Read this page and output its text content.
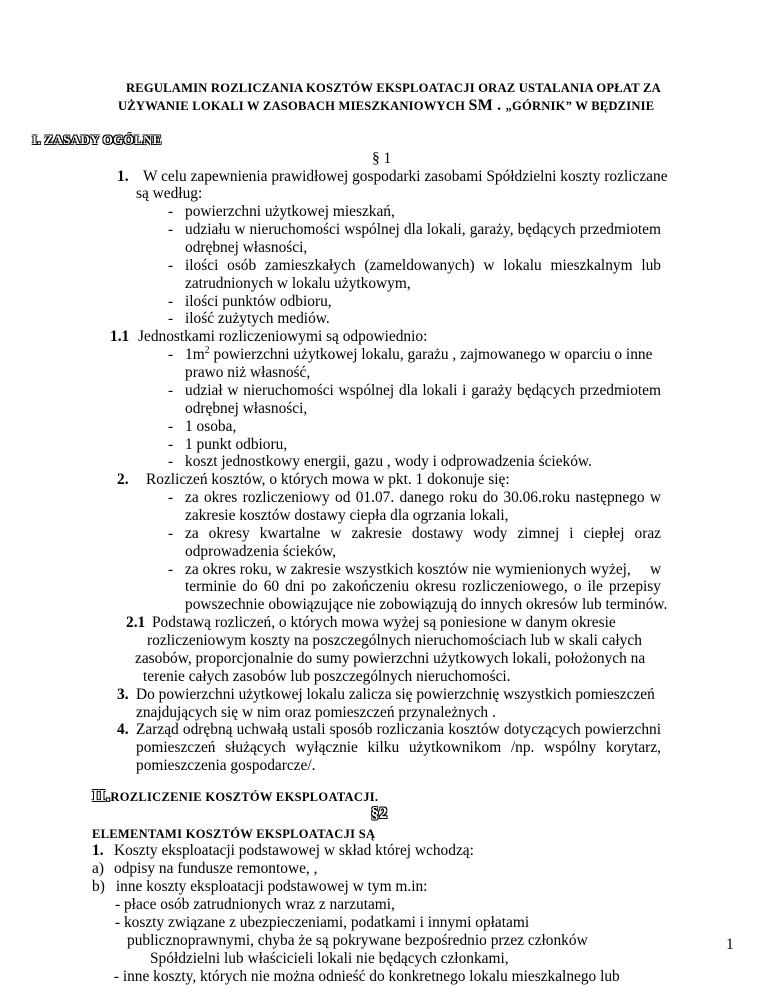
REGULAMIN ROZLICZANIA KOSZTÓW EKSPLOATACJI ORAZ USTALANIA OPŁAT ZA
UŻYWANIE LOKALI W ZASOBACH MIESZKANIOWYCH SM . „GÓRNIK” W BĘDZINIE
I. ZASADY OGÓLNE
§ 1
1. W celu zapewnienia prawidłowej gospodarki zasobami Spółdzielni koszty rozliczane
są według:
- powierzchni użytkowej mieszkań,
- udziału w nieruchomości wspólnej dla lokali, garaży, będących przedmiotem
odrębnej własności,
- ilości osób zamieszkałych (zameldowanych) w lokalu mieszkalnym lub
zatrudnionych w lokalu użytkowym,
- ilości punktów odbioru,
- ilość zużytych mediów.
1.1 Jednostkami rozliczeniowymi są odpowiednio:
- $1m^2$ powierzchni użytkowej lokalu, garażu , zajmowanego w oparciu o inne
prawo niż własność,
- udział w nieruchomości wspólnej dla lokali i garaży będących przedmiotem
odrębnej własności,
- 1 osoba,
- 1 punkt odbioru,
- koszt jednostkowy energii, gazu , wody i odprowadzenia ścieków.
2. Rozliczeń kosztów, o których mowa w pkt. 1 dokonuje się:
- za okres rozliczeniowy od 01.07. danego roku do 30.06.roku następnego w
zakresie kosztów dostawy ciepła dla ogrzania lokali,
- za okresy kwartalne w zakresie dostawy wody zimnej i ciepłej oraz
odprowadzenia ścieków,
- za okres roku, w zakresie wszystkich kosztów nie wymienionych wyżej,     w
terminie do 60 dni po zakończeniu okresu rozliczeniowego, o ile przepisy
powszechnie obowiązujące nie zobowiązują do innych okresów lub terminów.
2.1 Podstawą rozliczeń, o których mowa wyżej są poniesione w danym okresie
rozliczeniowym koszty na poszczególnych nieruchomościach lub w skali całych
zasobów, proporcjonalnie do sumy powierzchni użytkowych lokali, położonych na
terenie całych zasobów lub poszczególnych nieruchomości.
3. Do powierzchni użytkowej lokalu zalicza się powierzchnię wszystkich pomieszczeń
znajdujących się w nim oraz pomieszczeń przynależnych .
4. Zarząd odrębną uchwałą ustali sposób rozliczania kosztów dotyczących powierzchni
pomieszczeń służących wyłącznie kilku użytkownikom /np. wspólny korytarz,
pomieszczenia gospodarcze/.
II.ROZLICZENIE KOSZTÓW EKSPLOATACJI.
§2
ELEMENTAMI KOSZTÓW EKSPLOATACJI SĄ
1. Koszty eksploatacji podstawowej w skład której wchodzą:
a) odpisy na fundusze remontowe, ,
b) inne koszty eksploatacji podstawowej w tym m.in:
- płace osób zatrudnionych wraz z narzutami,
- koszty związane z ubezpieczeniami, podatkami i innymi opłatami
publicznoprawnymi, chyba że są pokrywane bezpośrednio przez członków
Spółdzielni lub właścicieli lokali nie będących członkami,
- inne koszty, których nie można odnieść do konkretnego lokalu mieszkalnego lub
1
